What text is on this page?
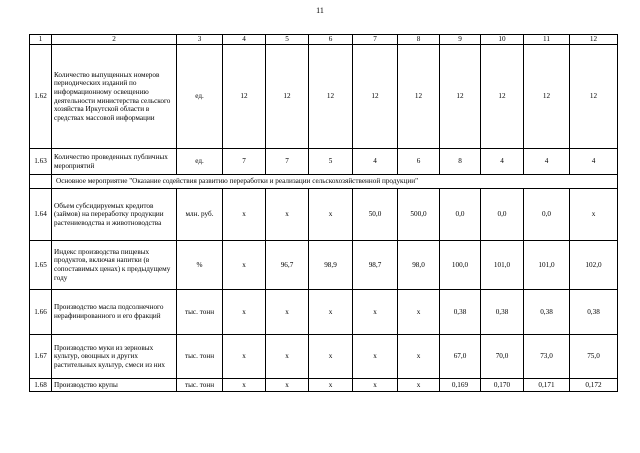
11
1	2	3	4	5	6	7	8	9	10	11	12
1.62	Количество выпущенных номеров периодических изданий по информационному освещению деятельности министерства сельского хозяйства Иркутской области в средствах массовой информации	ед.	12	12	12	12	12	12	12	12	12
1.63	Количество проведенных публичных мероприятий	ед.	7	7	5	4	6	8	4	4	4
	Основное мероприятие "Оказание содействия развитию переработки и реализации сельскохозяйственной продукции"										
1.64	Объем субсидируемых кредитов (займов) на переработку продукции растениеводства и животноводства	млн. руб.	х	х	х	50,0	500,0	0,0	0,0	0,0	х
1.65	Индекс производства пищевых продуктов, включая напитки (в сопоставимых ценах) к предыдущему году	%	х	96,7	98,9	98,7	98,0	100,0	101,0	101,0	102,0
1.66	Производство масла подсолнечного нерафинированного и его фракций	тыс. тонн	х	х	х	х	х	0,38	0,38	0,38	0,38
1.67	Производство муки из зерновых культур, овощных и других растительных культур, смеси из них	тыс. тонн	х	х	х	х	х	67,0	70,0	73,0	75,0
1.68	Производство крупы	тыс. тонн	х	х	х	х	х	0,169	0,170	0,171	0,172
